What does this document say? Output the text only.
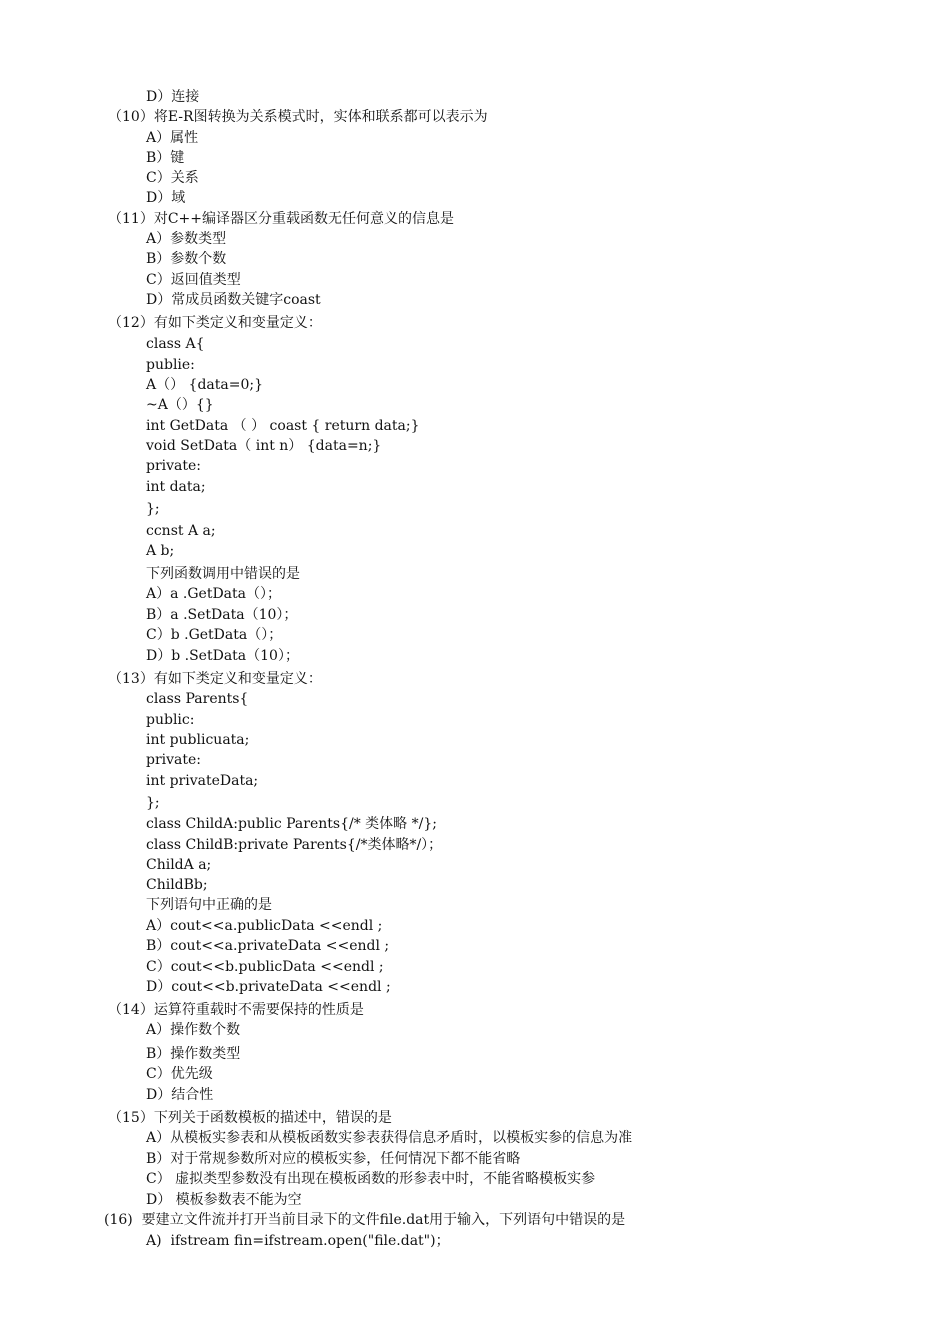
D）连接
（10）将E-R图转换为关系模式时，实体和联系都可以表示为
A）属性
B）键
C）关系
D）域
（11）对C++编译器区分重载函数无任何意义的信息是
A）参数类型
B）参数个数
C）返回值类型
D）常成员函数关键字coast
（12）有如下类定义和变量定义：
class A{
publie:
A（） {data=0;}
~A（）{}
int GetData （ ） coast { return data;}
void SetData（ int n） {data=n;}
private:
int data;
};
ccnst A a;
A b;
下列函数调用中错误的是
A）a .GetData（）；
B）a .SetData（10）；
C）b .GetData（）；
D）b .SetData（10）；
（13）有如下类定义和变量定义：
class Parents{
public:
int publicuata;
private:
int privateData;
};
class ChildA:public Parents{/* 类体略 */};
class ChildB:private Parents{/*类体略*/）；
ChildA a;
ChildBb;
下列语句中正确的是
A）cout<<a.publicData <<endl ;
B）cout<<a.privateData <<endl ;
C）cout<<b.publicData <<endl ;
D）cout<<b.privateData <<endl ;
（14）运算符重载时不需要保持的性质是
A）操作数个数
B）操作数类型
C）优先级
D）结合性
（15）下列关于函数模板的描述中，错误的是
A）从模板实参表和从模板函数实参表获得信息矛盾时，以模板实参的信息为准
B）对于常规参数所对应的模板实参，任何情况下都不能省略
C） 虚拟类型参数没有出现在模板函数的形参表中时，不能省略模板实参
D） 模板参数表不能为空
(16)  要建立文件流并打开当前目录下的文件file.dat用于输入，下列语句中错误的是
A)  ifstream fin=ifstream.open("file.dat")；
